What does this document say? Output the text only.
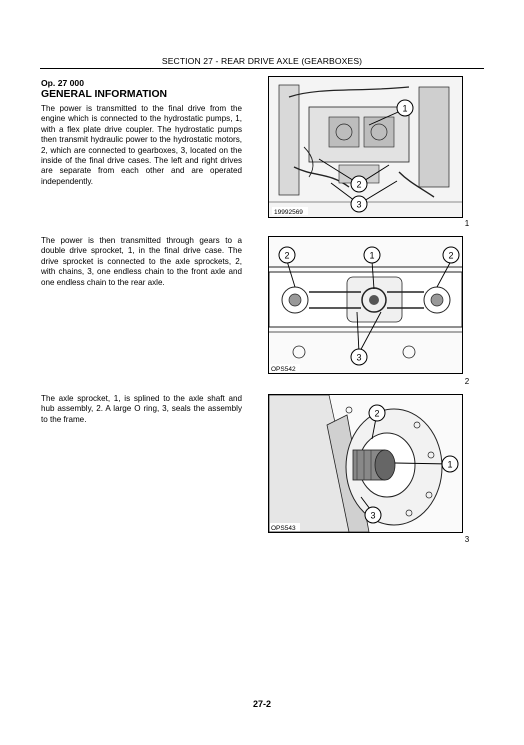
SECTION 27 - REAR DRIVE AXLE (GEARBOXES)
Op. 27 000
GENERAL INFORMATION
The power is transmitted to the final drive from the engine which is connected to the hydrostatic pumps, 1, with a flex plate drive coupler. The hydrostatic pumps then transmit hydraulic power to the hydrostatic motors, 2, which are connected to gearboxes, 3, located on the inside of the final drive cases. The left and right drives are separate from each other and are operated independently.
The power is then transmitted through gears to a double drive sprocket, 1, in the final drive case. The drive sprocket is connected to the axle sprockets, 2, with chains, 3, one endless chain to the front axle and one endless chain to the rear axle.
The axle sprocket, 1, is splined to the axle shaft and hub assembly, 2. A large O ring, 3, seals the assembly to the frame.
1
2
3
19992569
1
2	1	2
3
OPS542
2
2
1
3
OPS543
3
27-2
